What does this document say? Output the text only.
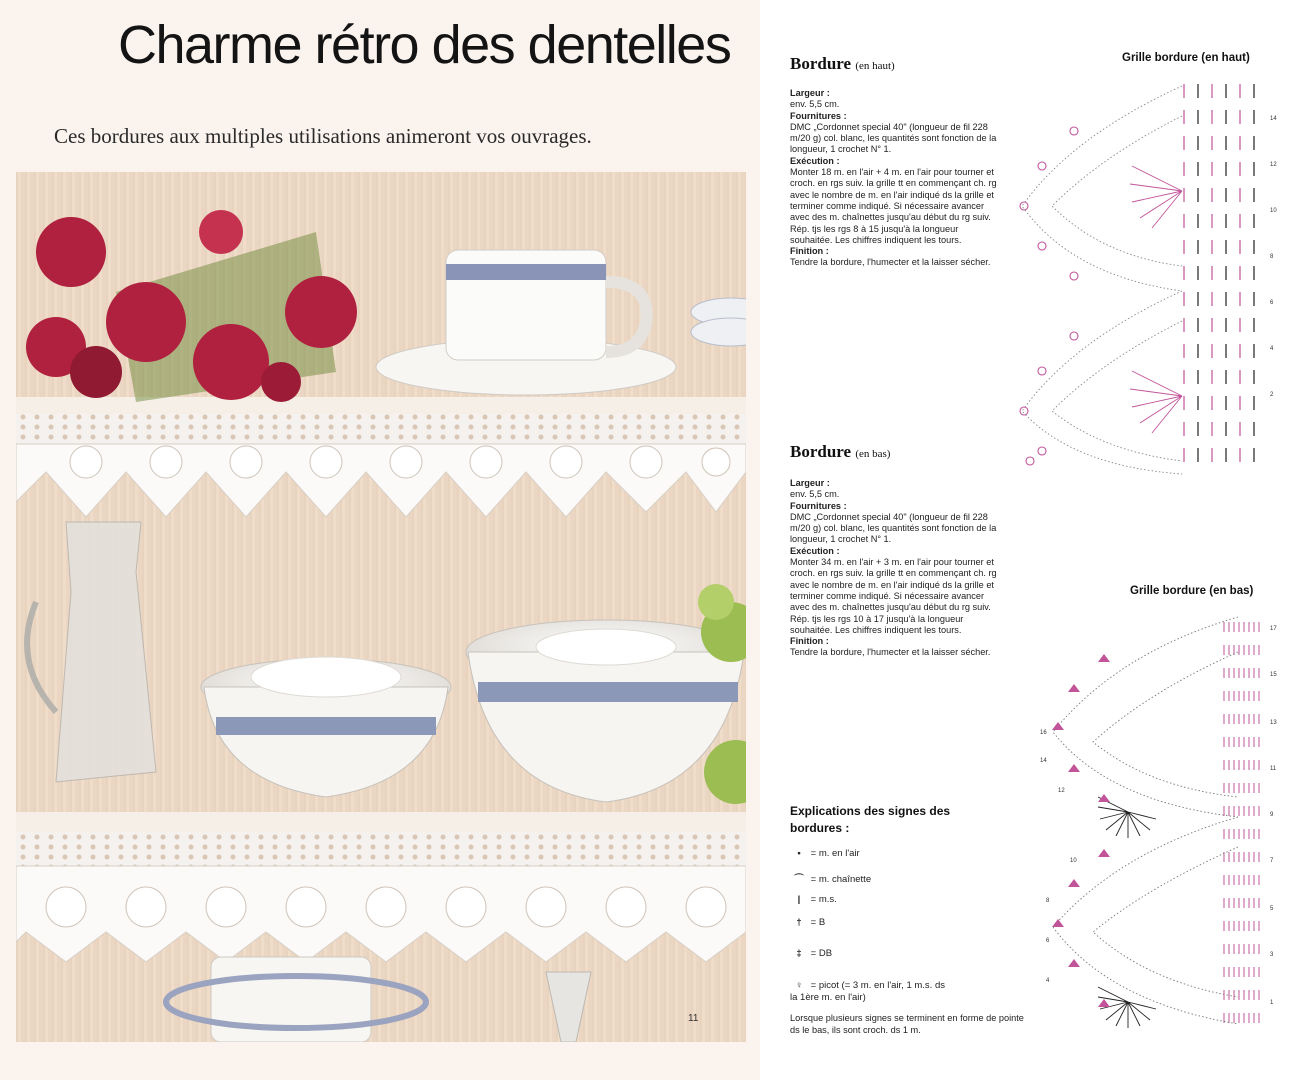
Charme rétro des dentelles
Ces bordures aux multiples utilisations animeront vos ouvrages.
11
Bordure (en haut)
Largeur :

env. 5,5 cm.

Fournitures :

DMC „Cordonnet special 40" (longueur de fil 228 m/20 g) col. blanc, les quantités sont fonction de la longueur, 1 crochet N° 1.

Exécution :

Monter 18 m. en l'air + 4 m. en l'air pour tourner et croch. en rgs suiv. la grille tt en commençant ch. rg avec le nombre de m. en l'air indiqué ds la grille et terminer comme indiqué. Si nécessaire avancer avec des m. chaînettes jusqu'au début du rg suiv. Rép. tjs les rgs 8 à 15 jusqu'à la longueur souhaitée. Les chiffres indiquent les tours.

Finition :

Tendre la bordure, l'humecter et la laisser sécher.

Grille bordure (en haut)
14
12
10
8
6
4
2
Bordure (en bas)
Largeur :

env. 5,5 cm.

Fournitures :

DMC „Cordonnet special 40" (longueur de fil 228 m/20 g) col. blanc, les quantités sont fonction de la longueur, 1 crochet N° 1.

Exécution :

Monter 34 m. en l'air + 3 m. en l'air pour tourner et croch. en rgs suiv. la grille tt en commençant ch. rg avec le nombre de m. en l'air indiqué ds la grille et terminer comme indiqué. Si nécessaire avancer avec des m. chaînettes jusqu'au début du rg suiv. Rép. tjs les rgs 10 à 17 jusqu'à la longueur souhaitée. Les chiffres indiquent les tours.

Finition :

Tendre la bordure, l'humecter et la laisser sécher.

Grille bordure (en bas)
17
15
13
11
9
7
5
3
1
16
14
12
10
8
6
4
Explications des signes des bordures :
• = m. en l'air
⌒ = m. chaînette
| = m.s.
† = B
‡ = DB
♀ = picot (= 3 m. en l'air, 1 m.s. ds la 1ère m. en l'air)
Lorsque plusieurs signes se terminent en forme de pointe ds le bas, ils sont croch. ds 1 m.
